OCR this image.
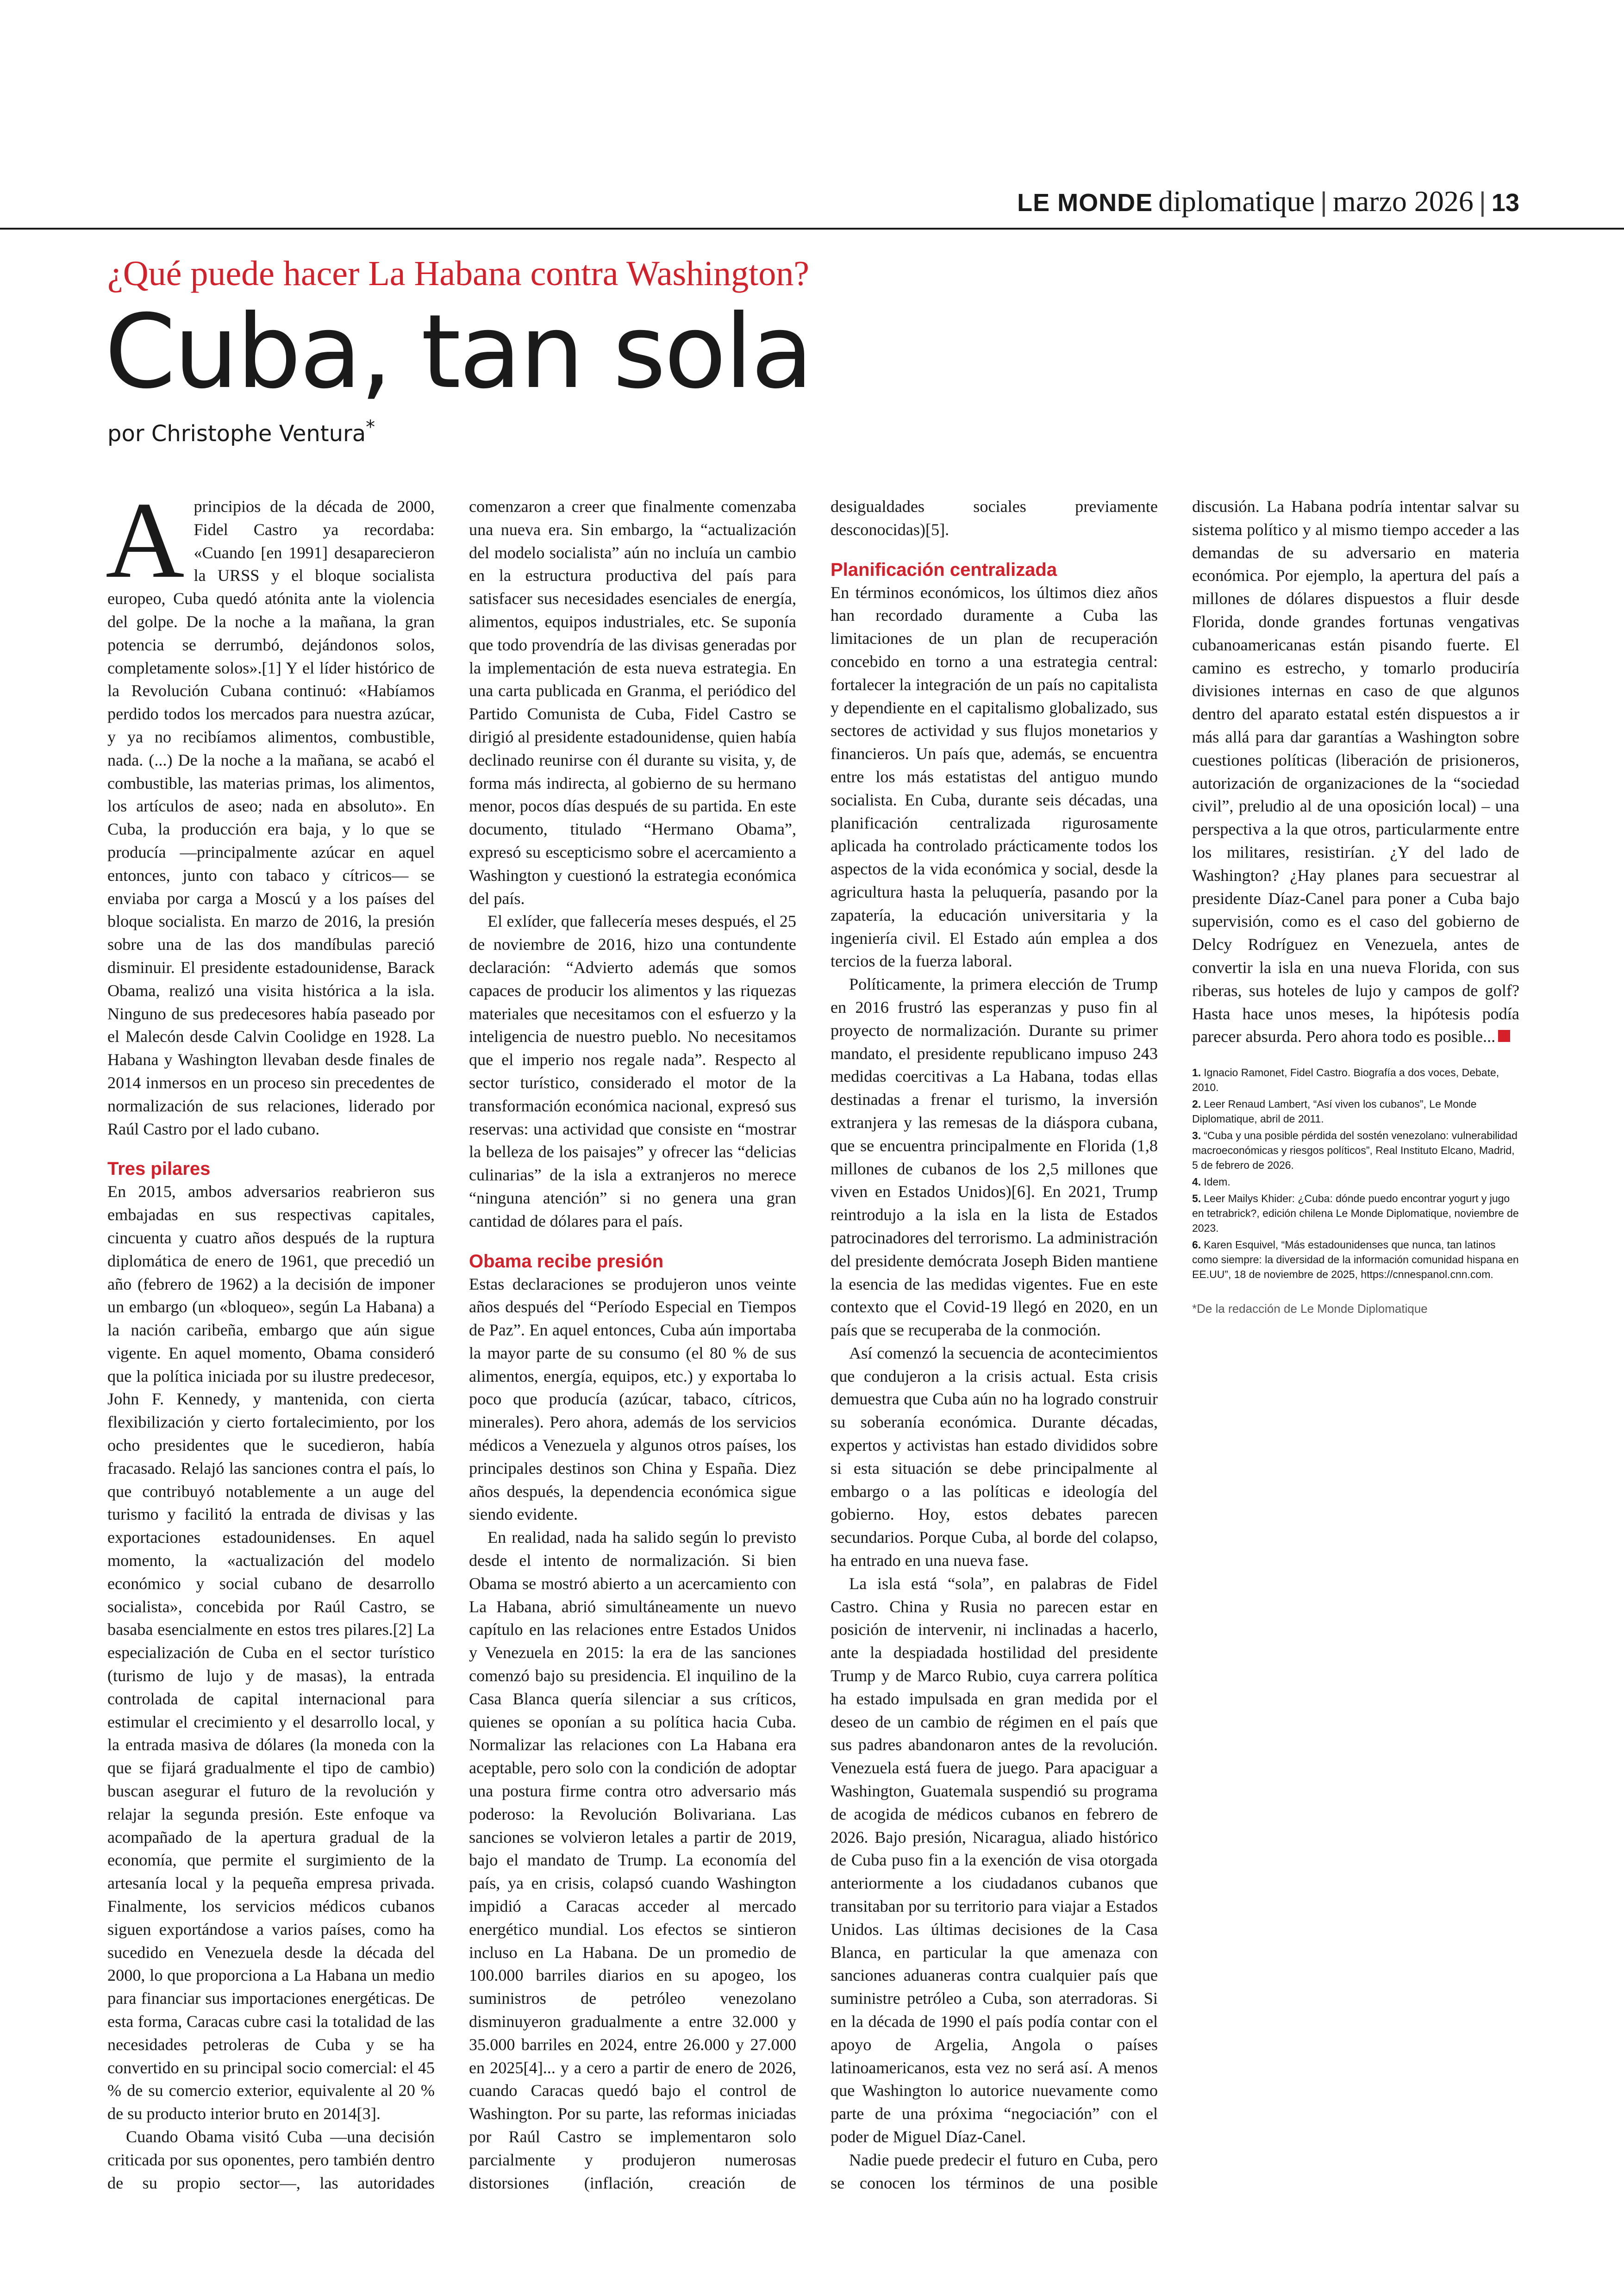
LE MONDE diplomatique | marzo 2026 | 13
¿Qué puede hacer La Habana contra Washington?
Cuba, tan sola

por Christophe Ventura*

Aprincipios de la década de 2000, Fidel Castro ya recordaba: «Cuando [en 1991] desaparecieron la URSS y el bloque socialista europeo, Cuba quedó atónita ante la violencia del golpe. De la noche a la mañana, la gran potencia se derrumbó, dejándonos solos, completamente solos».[1] Y el líder histórico de la Revolución Cubana continuó: «Habíamos perdido todos los mercados para nuestra azúcar, y ya no recibíamos alimentos, combustible, nada. (...) De la noche a la mañana, se acabó el combustible, las materias primas, los alimentos, los artículos de aseo; nada en absoluto». En Cuba, la producción era baja, y lo que se producía —principalmente azúcar en aquel entonces, junto con tabaco y cítricos— se enviaba por carga a Moscú y a los países del bloque socialista. En marzo de 2016, la presión sobre una de las dos mandíbulas pareció disminuir. El presidente estadounidense, Barack Obama, realizó una visita histórica a la isla. Ninguno de sus predecesores había paseado por el Malecón desde Calvin Coolidge en 1928. La Habana y Washington llevaban desde finales de 2014 inmersos en un proceso sin precedentes de normalización de sus relaciones, liderado por Raúl Castro por el lado cubano.

Tres pilares

En 2015, ambos adversarios reabrieron sus embajadas en sus respectivas capitales, cincuenta y cuatro años después de la ruptura diplomática de enero de 1961, que precedió un año (febrero de 1962) a la decisión de imponer un embargo (un «bloqueo», según La Habana) a la nación caribeña, embargo que aún sigue vigente. En aquel momento, Obama consideró que la política iniciada por su ilustre predecesor, John F. Kennedy, y mantenida, con cierta flexibilización y cierto fortalecimiento, por los ocho presidentes que le sucedieron, había fracasado. Relajó las sanciones contra el país, lo que contribuyó notablemente a un auge del turismo y facilitó la entrada de divisas y las exportaciones estadounidenses. En aquel momento, la «actualización del modelo económico y social cubano de desarrollo socialista», concebida por Raúl Castro, se basaba esencialmente en estos tres pilares.[2] La especialización de Cuba en el sector turístico (turismo de lujo y de masas), la entrada controlada de capital internacional para estimular el crecimiento y el desarrollo local, y la entrada masiva de dólares (la moneda con la que se fijará gradualmente el tipo de cambio) buscan asegurar el futuro de la revolución y relajar la segunda presión. Este enfoque va acompañado de la apertura gradual de la economía, que permite el surgimiento de la artesanía local y la pequeña empresa privada. Finalmente, los servicios médicos cubanos siguen exportándose a varios países, como ha sucedido en Venezuela desde la década del 2000, lo que proporciona a La Habana un medio para financiar sus importaciones energéticas. De esta forma, Caracas cubre casi la totalidad de las necesidades petroleras de Cuba y se ha convertido en su principal socio comercial: el 45 % de su comercio exterior, equivalente al 20 % de su producto interior bruto en 2014[3].

Cuando Obama visitó Cuba —una decisión criticada por sus oponentes, pero también dentro de su propio sector—, las autoridades comenzaron a creer que finalmente comenzaba una nueva era. Sin embargo, la “actualización del modelo socialista” aún no incluía un cambio en la estructura productiva del país para satisfacer sus necesidades esenciales de energía, alimentos, equipos industriales, etc. Se suponía que todo provendría de las divisas generadas por la implementación de esta nueva estrategia. En una carta publicada en Granma, el periódico del Partido Comunista de Cuba, Fidel Castro se dirigió al presidente estadounidense, quien había declinado reunirse con él durante su visita, y, de forma más indirecta, al gobierno de su hermano menor, pocos días después de su partida. En este documento, titulado “Hermano Obama”, expresó su escepticismo sobre el acercamiento a Washington y cuestionó la estrategia económica del país.

El exlíder, que fallecería meses después, el 25 de noviembre de 2016, hizo una contundente declaración: “Advierto además que somos capaces de producir los alimentos y las riquezas materiales que necesitamos con el esfuerzo y la inteligencia de nuestro pueblo. No necesitamos que el imperio nos regale nada”. Respecto al sector turístico, considerado el motor de la transformación económica nacional, expresó sus reservas: una actividad que consiste en “mostrar la belleza de los paisajes” y ofrecer las “delicias culinarias” de la isla a extranjeros no merece “ninguna atención” si no genera una gran cantidad de dólares para el país.

Obama recibe presión

Estas declaraciones se produjeron unos veinte años después del “Período Especial en Tiempos de Paz”. En aquel entonces, Cuba aún importaba la mayor parte de su consumo (el 80 % de sus alimentos, energía, equipos, etc.) y exportaba lo poco que producía (azúcar, tabaco, cítricos, minerales). Pero ahora, además de los servicios médicos a Venezuela y algunos otros países, los principales destinos son China y España. Diez años después, la dependencia económica sigue siendo evidente.

En realidad, nada ha salido según lo previsto desde el intento de normalización. Si bien Obama se mostró abierto a un acercamiento con La Habana, abrió simultáneamente un nuevo capítulo en las relaciones entre Estados Unidos y Venezuela en 2015: la era de las sanciones comenzó bajo su presidencia. El inquilino de la Casa Blanca quería silenciar a sus críticos, quienes se oponían a su política hacia Cuba. Normalizar las relaciones con La Habana era aceptable, pero solo con la condición de adoptar una postura firme contra otro adversario más poderoso: la Revolución Bolivariana. Las sanciones se volvieron letales a partir de 2019, bajo el mandato de Trump. La economía del país, ya en crisis, colapsó cuando Washington impidió a Caracas acceder al mercado energético mundial. Los efectos se sintieron incluso en La Habana. De un promedio de 100.000 barriles diarios en su apogeo, los suministros de petróleo venezolano disminuyeron gradualmente a entre 32.000 y 35.000 barriles en 2024, entre 26.000 y 27.000 en 2025[4]... y a cero a partir de enero de 2026, cuando Caracas quedó bajo el control de Washington. Por su parte, las reformas iniciadas por Raúl Castro se implementaron solo parcialmente y produjeron numerosas distorsiones (inflación, creación de desigualdades sociales previamente desconocidas)[5].

Planificación centralizada

En términos económicos, los últimos diez años han recordado duramente a Cuba las limitaciones de un plan de recuperación concebido en torno a una estrategia central: fortalecer la integración de un país no capitalista y dependiente en el capitalismo globalizado, sus sectores de actividad y sus flujos monetarios y financieros. Un país que, además, se encuentra entre los más estatistas del antiguo mundo socialista. En Cuba, durante seis décadas, una planificación centralizada rigurosamente aplicada ha controlado prácticamente todos los aspectos de la vida económica y social, desde la agricultura hasta la peluquería, pasando por la zapatería, la educación universitaria y la ingeniería civil. El Estado aún emplea a dos tercios de la fuerza laboral.

Políticamente, la primera elección de Trump en 2016 frustró las esperanzas y puso fin al proyecto de normalización. Durante su primer mandato, el presidente republicano impuso 243 medidas coercitivas a La Habana, todas ellas destinadas a frenar el turismo, la inversión extranjera y las remesas de la diáspora cubana, que se encuentra principalmente en Florida (1,8 millones de cubanos de los 2,5 millones que viven en Estados Unidos)[6]. En 2021, Trump reintrodujo a la isla en la lista de Estados patrocinadores del terrorismo. La administración del presidente demócrata Joseph Biden mantiene la esencia de las medidas vigentes. Fue en este contexto que el Covid-19 llegó en 2020, en un país que se recuperaba de la conmoción.

Así comenzó la secuencia de acontecimientos que condujeron a la crisis actual. Esta crisis demuestra que Cuba aún no ha logrado construir su soberanía económica. Durante décadas, expertos y activistas han estado divididos sobre si esta situación se debe principalmente al embargo o a las políticas e ideología del gobierno. Hoy, estos debates parecen secundarios. Porque Cuba, al borde del colapso, ha entrado en una nueva fase.

La isla está “sola”, en palabras de Fidel Castro. China y Rusia no parecen estar en posición de intervenir, ni inclinadas a hacerlo, ante la despiadada hostilidad del presidente Trump y de Marco Rubio, cuya carrera política ha estado impulsada en gran medida por el deseo de un cambio de régimen en el país que sus padres abandonaron antes de la revolución. Venezuela está fuera de juego. Para apaciguar a Washington, Guatemala suspendió su programa de acogida de médicos cubanos en febrero de 2026. Bajo presión, Nicaragua, aliado histórico de Cuba puso fin a la exención de visa otorgada anteriormente a los ciudadanos cubanos que transitaban por su territorio para viajar a Estados Unidos. Las últimas decisiones de la Casa Blanca, en particular la que amenaza con sanciones aduaneras contra cualquier país que suministre petróleo a Cuba, son aterradoras. Si en la década de 1990 el país podía contar con el apoyo de Argelia, Angola o países latinoamericanos, esta vez no será así. A menos que Washington lo autorice nuevamente como parte de una próxima “negociación” con el poder de Miguel Díaz-Canel.

Nadie puede predecir el futuro en Cuba, pero se conocen los términos de una posible discusión. La Habana podría intentar salvar su sistema político y al mismo tiempo acceder a las demandas de su adversario en materia económica. Por ejemplo, la apertura del país a millones de dólares dispuestos a fluir desde Florida, donde grandes fortunas vengativas cubanoamericanas están pisando fuerte. El camino es estrecho, y tomarlo produciría divisiones internas en caso de que algunos dentro del aparato estatal estén dispuestos a ir más allá para dar garantías a Washington sobre cuestiones políticas (liberación de prisioneros, autorización de organizaciones de la “sociedad civil”, preludio al de una oposición local) – una perspectiva a la que otros, particularmente entre los militares, resistirían. ¿Y del lado de Washington? ¿Hay planes para secuestrar al presidente Díaz-Canel para poner a Cuba bajo supervisión, como es el caso del gobierno de Delcy Rodríguez en Venezuela, antes de convertir la isla en una nueva Florida, con sus riberas, sus hoteles de lujo y campos de golf? Hasta hace unos meses, la hipótesis podía parecer absurda. Pero ahora todo es posible...

1. Ignacio Ramonet, Fidel Castro. Biografía a dos voces, Debate, 2010.
2. Leer Renaud Lambert, “Así viven los cubanos”, Le Monde Diplomatique, abril de 2011.
3. “Cuba y una posible pérdida del sostén venezolano: vulnerabilidad macroeconómicas y riesgos políticos”, Real Instituto Elcano, Madrid, 5 de febrero de 2026.
4. Idem.
5. Leer Mailys Khider: ¿Cuba: dónde puedo encontrar yogurt y jugo en tetrabrick?, edición chilena Le Monde Diplomatique, noviembre de 2023.
6. Karen Esquivel, “Más estadounidenses que nunca, tan latinos como siempre: la diversidad de la información comunidad hispana en EE.UU”, 18 de noviembre de 2025, https://cnnespanol.cnn.com.
*De la redacción de Le Monde Diplomatique
